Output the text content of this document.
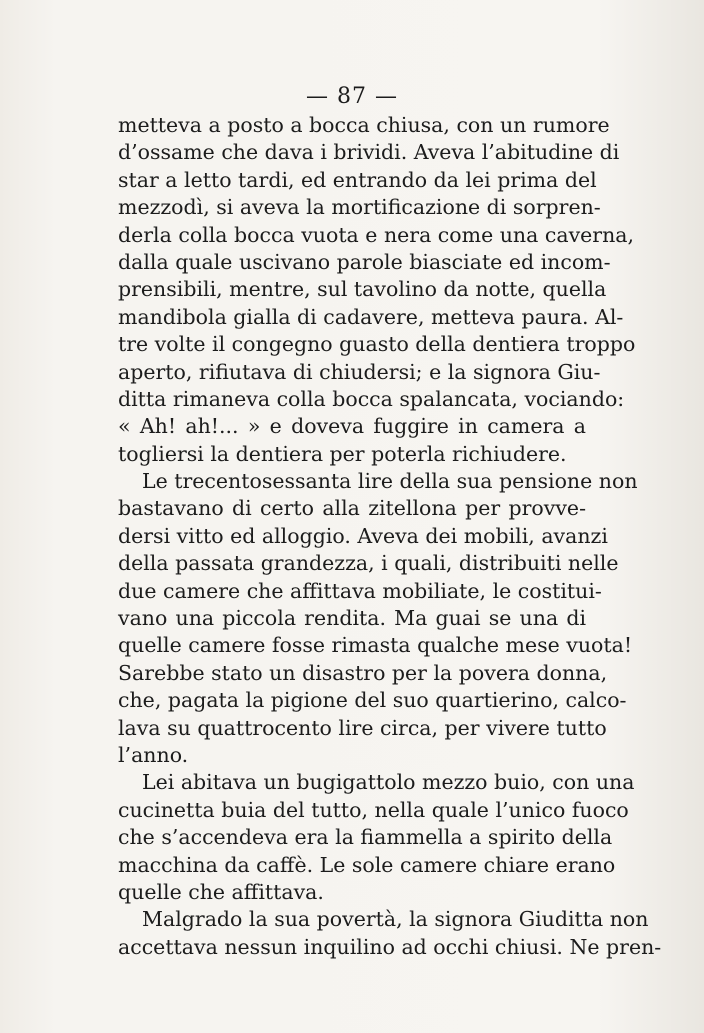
— 87 —
metteva a posto a bocca chiusa, con un rumore
d’ossame che dava i brividi. Aveva l’abitudine di
star a letto tardi, ed entrando da lei prima del
mezzodì, si aveva la mortificazione di sorpren-
derla colla bocca vuota e nera come una caverna,
dalla quale uscivano parole biasciate ed incom-
prensibili, mentre, sul tavolino da notte, quella
mandibola gialla di cadavere, metteva paura. Al-
tre volte il congegno guasto della dentiera troppo
aperto, rifiutava di chiudersi; e la signora Giu-
ditta rimaneva colla bocca spalancata, vociando:
« Ah! ah!... » e doveva fuggire in camera a
togliersi la dentiera per poterla richiudere.
Le trecentosessanta lire della sua pensione non
bastavano di certo alla zitellona per provve-
dersi vitto ed alloggio. Aveva dei mobili, avanzi
della passata grandezza, i quali, distribuiti nelle
due camere che affittava mobiliate, le costitui-
vano una piccola rendita. Ma guai se una di
quelle camere fosse rimasta qualche mese vuota!
Sarebbe stato un disastro per la povera donna,
che, pagata la pigione del suo quartierino, calco-
lava su quattrocento lire circa, per vivere tutto
l’anno.
Lei abitava un bugigattolo mezzo buio, con una
cucinetta buia del tutto, nella quale l’unico fuoco
che s’accendeva era la fiammella a spirito della
macchina da caffè. Le sole camere chiare erano
quelle che affittava.
Malgrado la sua povertà, la signora Giuditta non
accettava nessun inquilino ad occhi chiusi. Ne pren-
